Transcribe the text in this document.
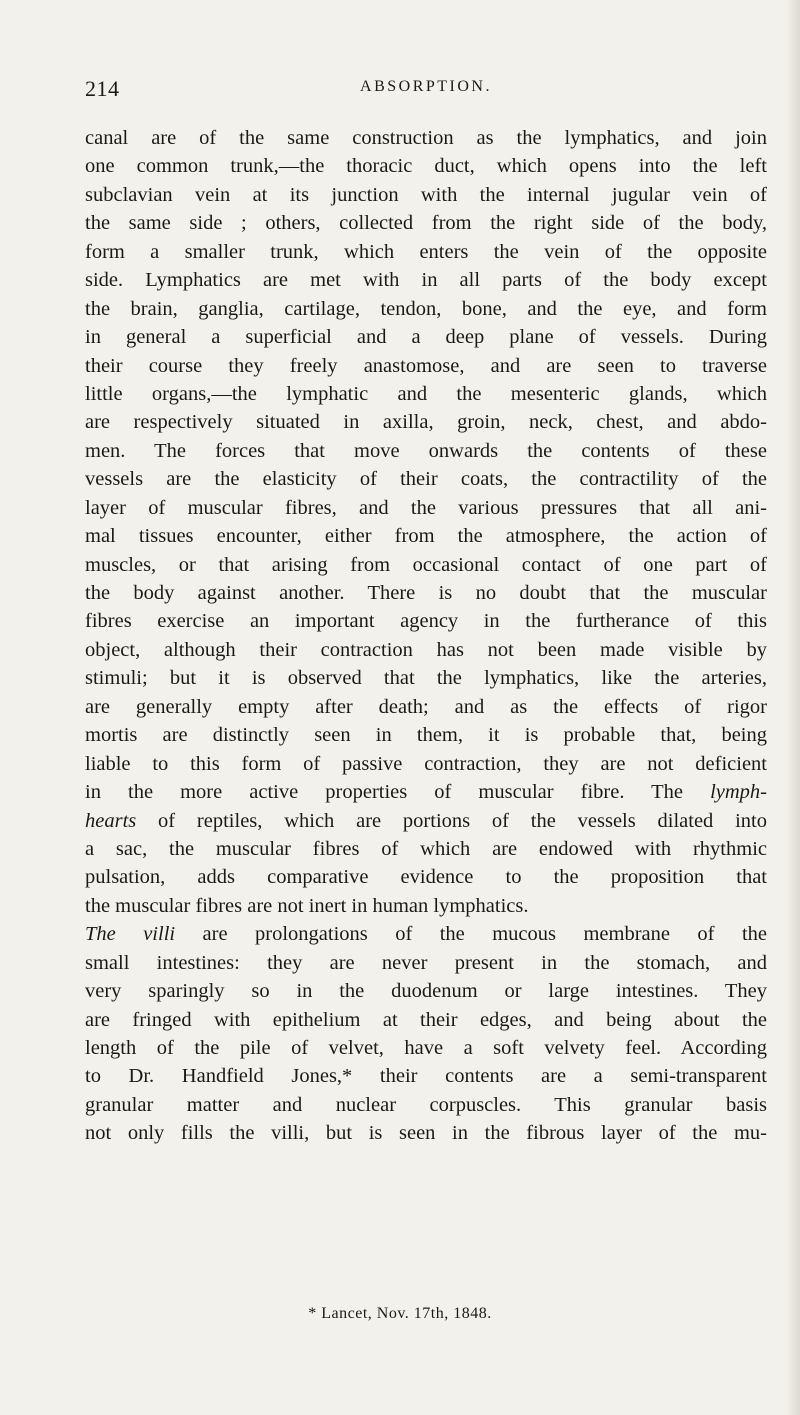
214	ABSORPTION.
canal are of the same construction as the lymphatics, and join
one common trunk,—the thoracic duct, which opens into the left
subclavian vein at its junction with the internal jugular vein of
the same side ; others, collected from the right side of the body,
form a smaller trunk, which enters the vein of the opposite
side. Lymphatics are met with in all parts of the body except
the brain, ganglia, cartilage, tendon, bone, and the eye, and form
in general a superficial and a deep plane of vessels. During
their course they freely anastomose, and are seen to traverse
little organs,—the lymphatic and the mesenteric glands, which
are respectively situated in axilla, groin, neck, chest, and abdo-
men. The forces that move onwards the contents of these
vessels are the elasticity of their coats, the contractility of the
layer of muscular fibres, and the various pressures that all ani-
mal tissues encounter, either from the atmosphere, the action of
muscles, or that arising from occasional contact of one part of
the body against another. There is no doubt that the muscular
fibres exercise an important agency in the furtherance of this
object, although their contraction has not been made visible by
stimuli; but it is observed that the lymphatics, like the arteries,
are generally empty after death; and as the effects of rigor
mortis are distinctly seen in them, it is probable that, being
liable to this form of passive contraction, they are not deficient
in the more active properties of muscular fibre. The lymph-
hearts of reptiles, which are portions of the vessels dilated into
a sac, the muscular fibres of which are endowed with rhythmic
pulsation, adds comparative evidence to the proposition that
the muscular fibres are not inert in human lymphatics.
The villi are prolongations of the mucous membrane of the
small intestines: they are never present in the stomach, and
very sparingly so in the duodenum or large intestines. They
are fringed with epithelium at their edges, and being about the
length of the pile of velvet, have a soft velvety feel. According
to Dr. Handfield Jones,* their contents are a semi-transparent
granular matter and nuclear corpuscles. This granular basis
not only fills the villi, but is seen in the fibrous layer of the mu-
* Lancet, Nov. 17th, 1848.
